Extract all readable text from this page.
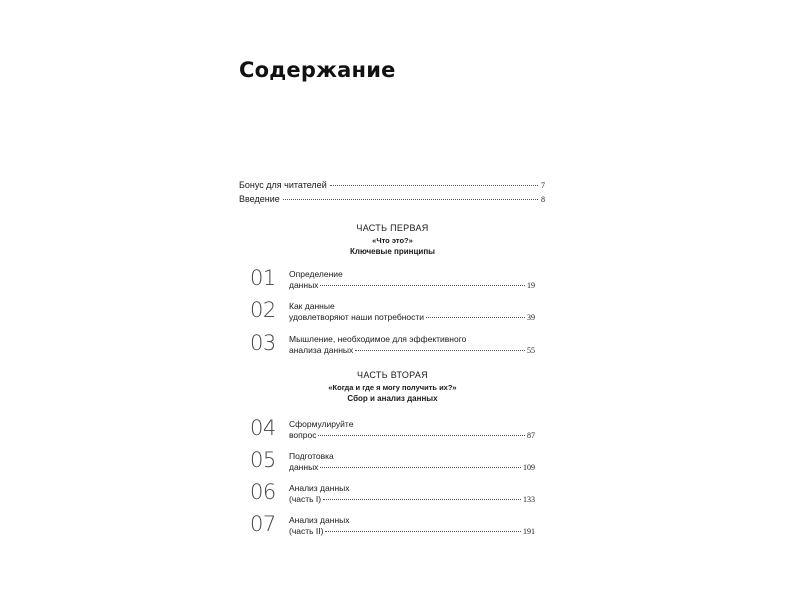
Содержание
Бонус для читателей	7
Введение	8
ЧАСТЬ ПЕРВАЯ
«Что это?»
Ключевые принципы
01 Определение
данных	19
02 Как данные
удовлетворяют наши потребности	39
03 Мышление, необходимое для эффективного
анализа данных	55
ЧАСТЬ ВТОРАЯ
«Когда и где я могу получить их?»
Сбор и анализ данных
04 Сформулируйте
вопрос	87
05 Подготовка
данных	109
06 Анализ данных
(часть I)	133
07 Анализ данных
(часть II)	191
